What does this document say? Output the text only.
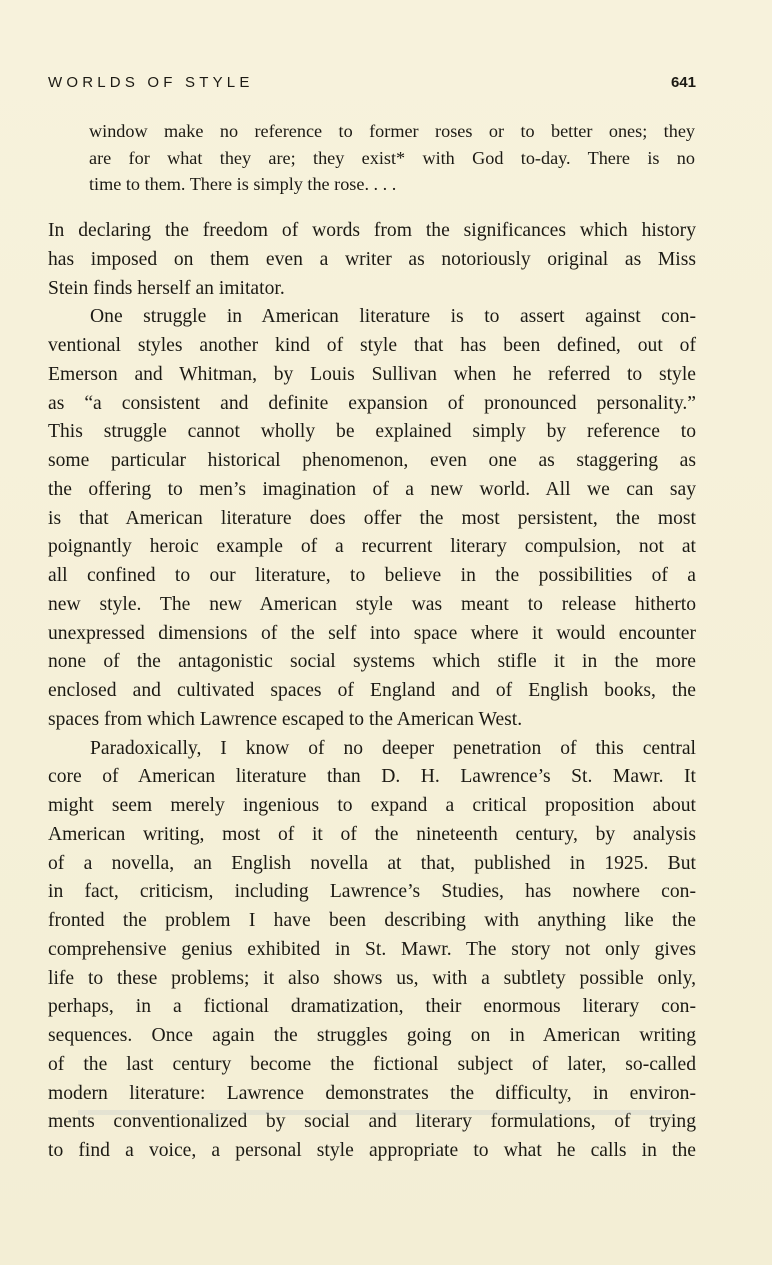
WORLDS OF STYLE	641
window make no reference to former roses or to better ones; they
are for what they are; they exist* with God to-day. There is no
time to them. There is simply the rose. . . .
In declaring the freedom of words from the significances which history
has imposed on them even a writer as notoriously original as Miss
Stein finds herself an imitator.
One struggle in American literature is to assert against con-
ventional styles another kind of style that has been defined, out of
Emerson and Whitman, by Louis Sullivan when he referred to style
as “a consistent and definite expansion of pronounced personality.”
This struggle cannot wholly be explained simply by reference to
some particular historical phenomenon, even one as staggering as
the offering to men’s imagination of a new world. All we can say
is that American literature does offer the most persistent, the most
poignantly heroic example of a recurrent literary compulsion, not at
all confined to our literature, to believe in the possibilities of a
new style. The new American style was meant to release hitherto
unexpressed dimensions of the self into space where it would encounter
none of the antagonistic social systems which stifle it in the more
enclosed and cultivated spaces of England and of English books, the
spaces from which Lawrence escaped to the American West.
Paradoxically, I know of no deeper penetration of this central
core of American literature than D. H. Lawrence’s St. Mawr. It
might seem merely ingenious to expand a critical proposition about
American writing, most of it of the nineteenth century, by analysis
of a novella, an English novella at that, published in 1925. But
in fact, criticism, including Lawrence’s Studies, has nowhere con-
fronted the problem I have been describing with anything like the
comprehensive genius exhibited in St. Mawr. The story not only gives
life to these problems; it also shows us, with a subtlety possible only,
perhaps, in a fictional dramatization, their enormous literary con-
sequences. Once again the struggles going on in American writing
of the last century become the fictional subject of later, so-called
modern literature: Lawrence demonstrates the difficulty, in environ-
ments conventionalized by social and literary formulations, of trying
to find a voice, a personal style appropriate to what he calls in the
